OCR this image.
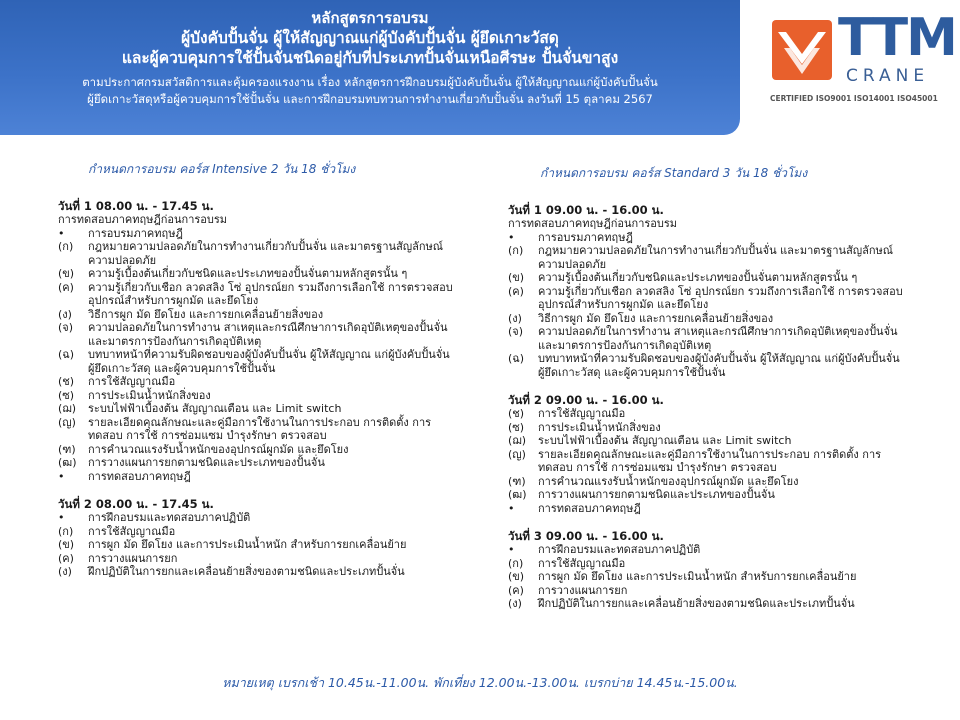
หลักสูตรการอบรม
ผู้บังคับปั้นจั่น ผู้ให้สัญญาณแก่ผู้บังคับปั้นจั่น ผู้ยึดเกาะวัสดุ
และผู้ควบคุมการใช้ปั้นจั่นชนิดอยู่กับที่ประเภทปั้นจั่นเหนือศีรษะ ปั้นจั่นขาสูง
ตามประกาศกรมสวัสดิการและคุ้มครองแรงงาน เรื่อง หลักสูตรการฝึกอบรมผู้บังคับปั้นจั่น ผู้ให้สัญญาณแก่ผู้บังคับปั้นจั่น
ผู้ยึดเกาะวัสดุหรือผู้ควบคุมการใช้ปั้นจั่น และการฝึกอบรมทบทวนการทำงานเกี่ยวกับปั้นจั่น ลงวันที่ 15 ตุลาคม 2567
TTM
CRANE
CERTIFIED ISO9001 ISO14001 ISO45001
กำหนดการอบรม คอร์ส Intensive 2 วัน 18 ชั่วโมง
วันที่ 1 08.00 น. - 17.45 น.
การทดสอบภาคทฤษฎีก่อนการอบรม
•	การอบรมภาคทฤษฎี
(ก)	กฎหมายความปลอดภัยในการทำงานเกี่ยวกับปั้นจั่น และมาตรฐานสัญลักษณ์ความปลอดภัย
(ข)	ความรู้เบื้องต้นเกี่ยวกับชนิดและประเภทของปั้นจั่นตามหลักสูตรนั้น ๆ
(ค)	ความรู้เกี่ยวกับเชือก ลวดสลิง โซ่ อุปกรณ์ยก รวมถึงการเลือกใช้ การตรวจสอบอุปกรณ์สำหรับการผูกมัด และยึดโยง
(ง)	วิธีการผูก มัด ยึดโยง และการยกเคลื่อนย้ายสิ่งของ
(จ)	ความปลอดภัยในการทำงาน สาเหตุและกรณีศึกษาการเกิดอุบัติเหตุของปั้นจั่น และมาตรการป้องกันการเกิดอุบัติเหตุ
(ฉ)	บทบาทหน้าที่ความรับผิดชอบของผู้บังคับปั้นจั่น ผู้ให้สัญญาณ แก่ผู้บังคับปั้นจั่น ผู้ยึดเกาะวัสดุ และผู้ควบคุมการใช้ปั้นจั่น
(ช)	การใช้สัญญาณมือ
(ซ)	การประเมินน้ำหนักสิ่งของ
(ฌ)	ระบบไฟฟ้าเบื้องต้น สัญญาณเตือน และ Limit switch
(ญ)	รายละเอียดคุณลักษณะและคู่มือการใช้งานในการประกอบ การติดตั้ง การทดสอบ การใช้ การซ่อมแซม บำรุงรักษา ตรวจสอบ
(ฑ)	การคำนวณแรงรับน้ำหนักของอุปกรณ์ผูกมัด และยึดโยง
(ฒ)	การวางแผนการยกตามชนิดและประเภทของปั้นจั่น
•	การทดสอบภาคทฤษฎี
วันที่ 2 08.00 น. - 17.45 น.
•	การฝึกอบรมและทดสอบภาคปฏิบัติ
(ก)	การใช้สัญญาณมือ
(ข)	การผูก มัด ยึดโยง และการประเมินน้ำหนัก สำหรับการยกเคลื่อนย้าย
(ค)	การวางแผนการยก
(ง)	ฝึกปฏิบัติในการยกและเคลื่อนย้ายสิ่งของตามชนิดและประเภทปั้นจั่น
กำหนดการอบรม คอร์ส Standard 3 วัน 18 ชั่วโมง
วันที่ 1 09.00 น. - 16.00 น.
การทดสอบภาคทฤษฎีก่อนการอบรม
•	การอบรมภาคทฤษฎี
(ก)	กฎหมายความปลอดภัยในการทำงานเกี่ยวกับปั้นจั่น และมาตรฐานสัญลักษณ์ความปลอดภัย
(ข)	ความรู้เบื้องต้นเกี่ยวกับชนิดและประเภทของปั้นจั่นตามหลักสูตรนั้น ๆ
(ค)	ความรู้เกี่ยวกับเชือก ลวดสลิง โซ่ อุปกรณ์ยก รวมถึงการเลือกใช้ การตรวจสอบอุปกรณ์สำหรับการผูกมัด และยึดโยง
(ง)	วิธีการผูก มัด ยึดโยง และการยกเคลื่อนย้ายสิ่งของ
(จ)	ความปลอดภัยในการทำงาน สาเหตุและกรณีศึกษาการเกิดอุบัติเหตุของปั้นจั่น และมาตรการป้องกันการเกิดอุบัติเหตุ
(ฉ)	บทบาทหน้าที่ความรับผิดชอบของผู้บังคับปั้นจั่น ผู้ให้สัญญาณ แก่ผู้บังคับปั้นจั่น ผู้ยึดเกาะวัสดุ และผู้ควบคุมการใช้ปั้นจั่น
วันที่ 2 09.00 น. - 16.00 น.
(ช)	การใช้สัญญาณมือ
(ซ)	การประเมินน้ำหนักสิ่งของ
(ฌ)	ระบบไฟฟ้าเบื้องต้น สัญญาณเตือน และ Limit switch
(ญ)	รายละเอียดคุณลักษณะและคู่มือการใช้งานในการประกอบ การติดตั้ง การทดสอบ การใช้ การซ่อมแซม บำรุงรักษา ตรวจสอบ
(ฑ)	การคำนวณแรงรับน้ำหนักของอุปกรณ์ผูกมัด และยึดโยง
(ฒ)	การวางแผนการยกตามชนิดและประเภทของปั้นจั่น
•	การทดสอบภาคทฤษฎี
วันที่ 3 09.00 น. - 16.00 น.
•	การฝึกอบรมและทดสอบภาคปฏิบัติ
(ก)	การใช้สัญญาณมือ
(ข)	การผูก มัด ยึดโยง และการประเมินน้ำหนัก สำหรับการยกเคลื่อนย้าย
(ค)	การวางแผนการยก
(ง)	ฝึกปฏิบัติในการยกและเคลื่อนย้ายสิ่งของตามชนิดและประเภทปั้นจั่น
หมายเหตุ เบรกเช้า 10.45น.-11.00น. พักเที่ยง 12.00น.-13.00น. เบรกบ่าย 14.45น.-15.00น.
